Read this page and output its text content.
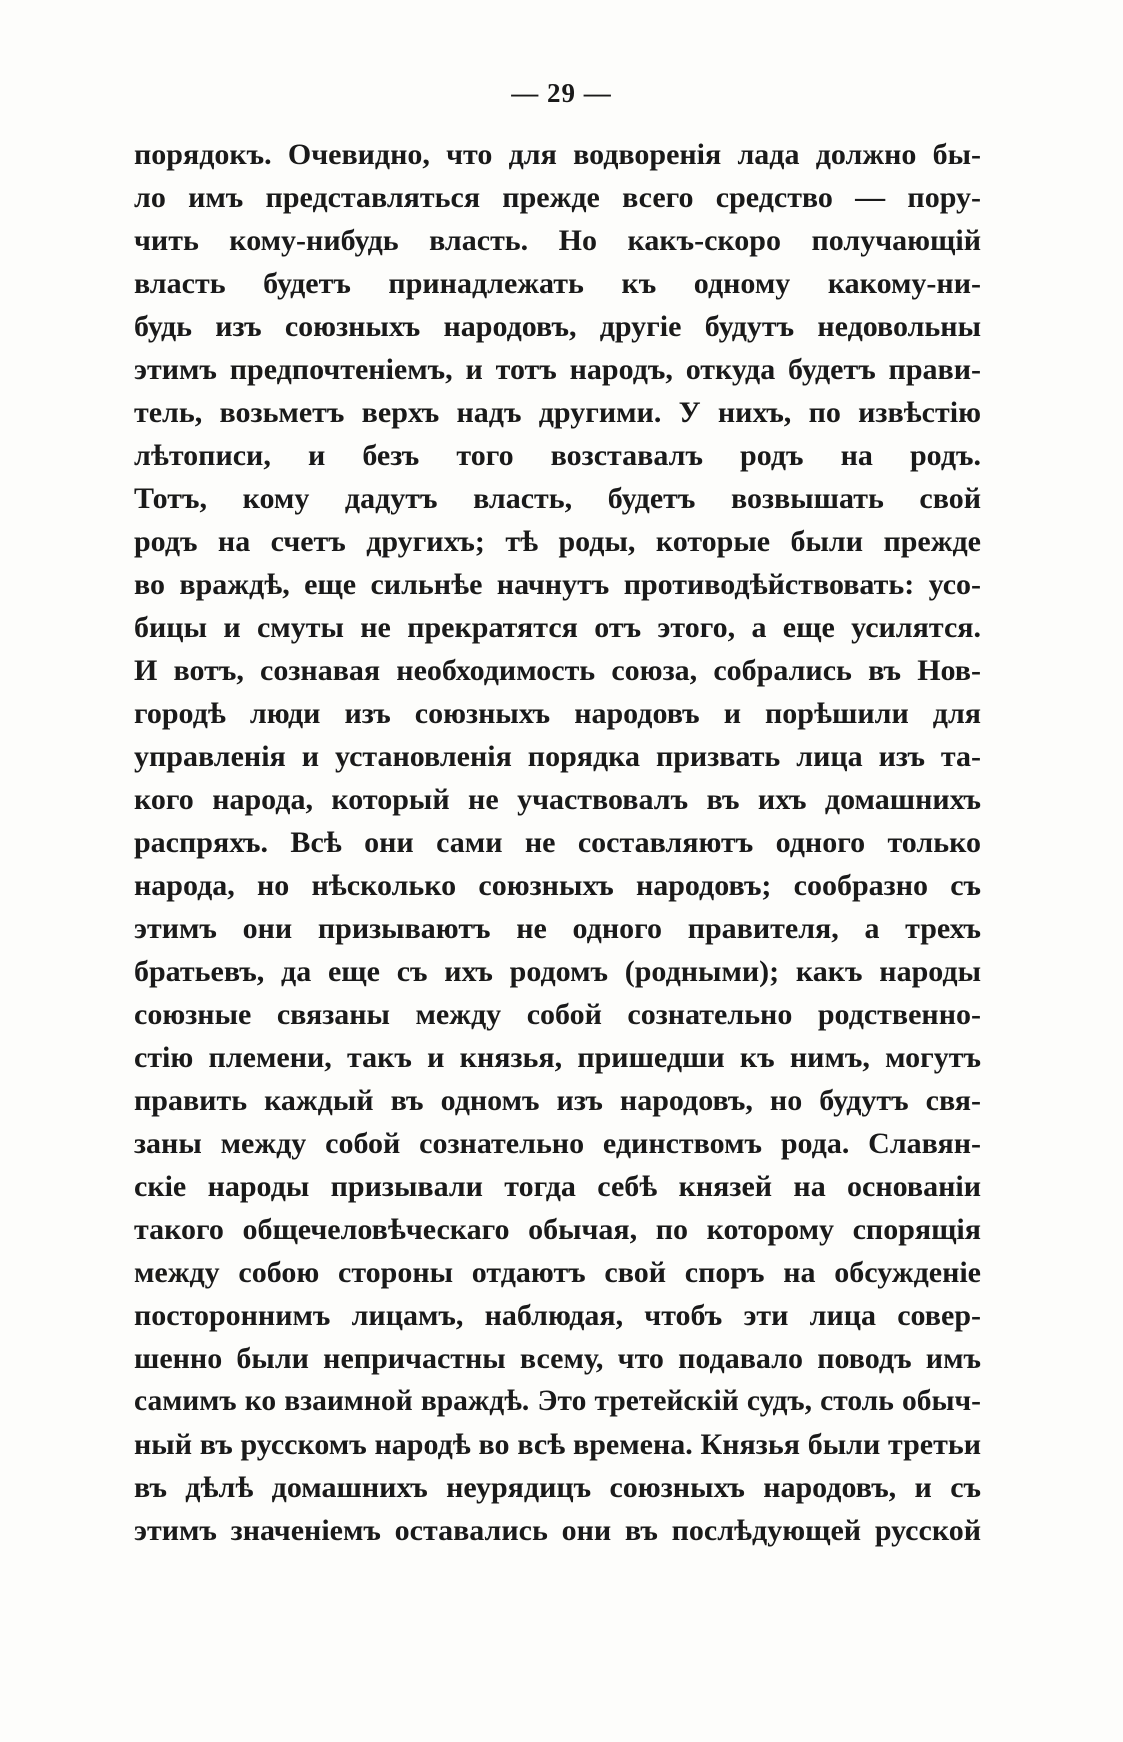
— 29 —
порядокъ. Очевидно, что для водворенія лада должно бы-
ло имъ представляться прежде всего средство — пору-
чить кому-нибудь власть. Но какъ-скоро получающій
власть будетъ принадлежать къ одному какому-ни-
будь изъ союзныхъ народовъ, другіе будутъ недовольны
этимъ предпочтеніемъ, и тотъ народъ, откуда будетъ прави-
тель, возьметъ верхъ надъ другими. У нихъ, по извѣстію
лѣтописи, и безъ того возставалъ родъ на родъ.
Тотъ, кому дадутъ власть, будетъ возвышать свой
родъ на счетъ другихъ; тѣ роды, которые были прежде
во враждѣ, еще сильнѣе начнутъ противодѣйствовать: усо-
бицы и смуты не прекратятся отъ этого, а еще усилятся.
И вотъ, сознавая необходимость союза, собрались въ Нов-
городѣ люди изъ союзныхъ народовъ и порѣшили для
управленія и установленія порядка призвать лица изъ та-
кого народа, который не участвовалъ въ ихъ домашнихъ
распряхъ. Всѣ они сами не составляютъ одного только
народа, но нѣсколько союзныхъ народовъ; сообразно съ
этимъ они призываютъ не одного правителя, а трехъ
братьевъ, да еще съ ихъ родомъ (родными); какъ народы
союзные связаны между собой сознательно родственно-
стію племени, такъ и князья, пришедши къ нимъ, могутъ
править каждый въ одномъ изъ народовъ, но будутъ свя-
заны между собой сознательно единствомъ рода. Славян-
скіе народы призывали тогда себѣ князей на основаніи
такого общечеловѣческаго обычая, по которому спорящія
между собою стороны отдаютъ свой споръ на обсужденіе
постороннимъ лицамъ, наблюдая, чтобъ эти лица совер-
шенно были непричастны всему, что подавало поводъ имъ
самимъ ко взаимной враждѣ. Это третейскій судъ, столь обыч-
ный въ русскомъ народѣ во всѣ времена. Князья были третьи
въ дѣлѣ домашнихъ неурядицъ союзныхъ народовъ, и съ
этимъ значеніемъ оставались они въ послѣдующей русской
